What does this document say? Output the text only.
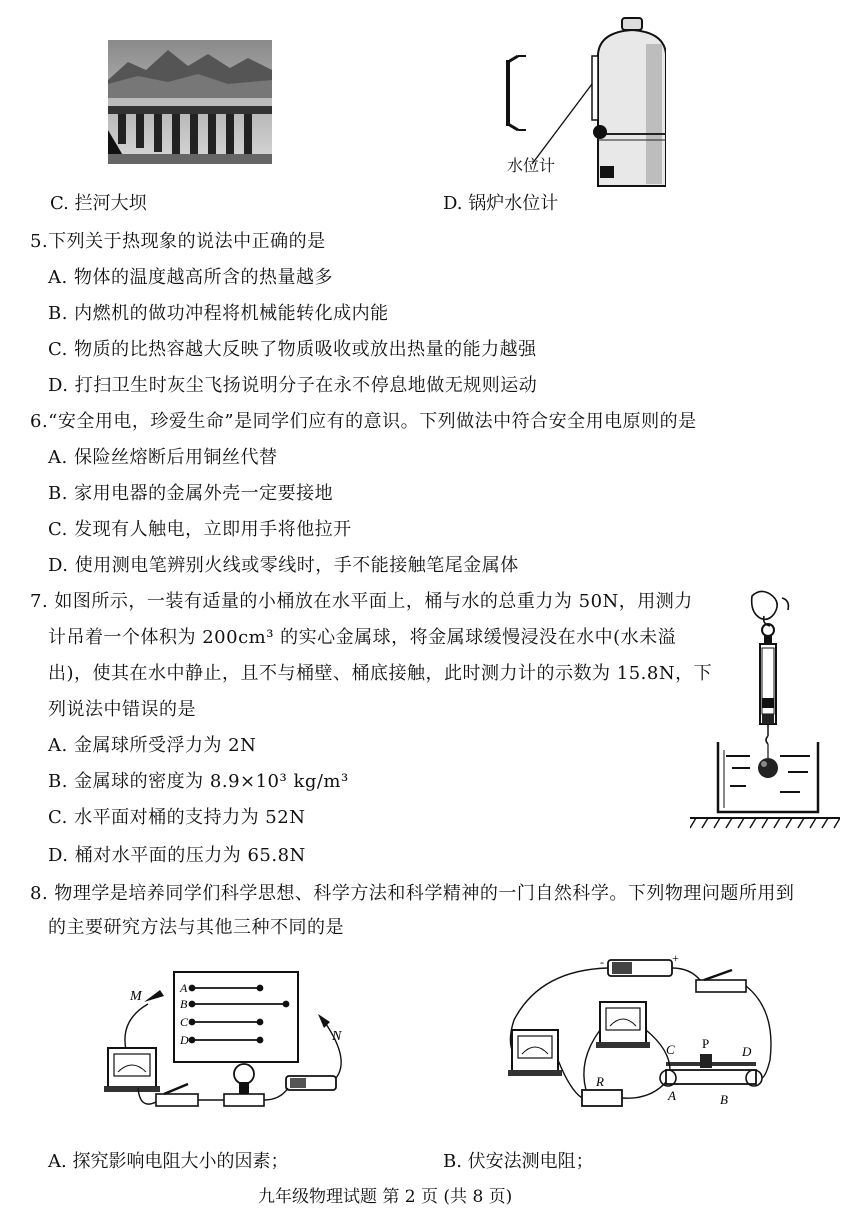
水位计
C. 拦河大坝	D. 锅炉水位计
5.下列关于热现象的说法中正确的是
A. 物体的温度越高所含的热量越多
B. 内燃机的做功冲程将机械能转化成内能
C. 物质的比热容越大反映了物质吸收或放出热量的能力越强
D. 打扫卫生时灰尘飞扬说明分子在永不停息地做无规则运动
6.“安全用电，珍爱生命”是同学们应有的意识。下列做法中符合安全用电原则的是
A. 保险丝熔断后用铜丝代替
B. 家用电器的金属外壳一定要接地
C. 发现有人触电，立即用手将他拉开
D. 使用测电笔辨别火线或零线时，手不能接触笔尾金属体
7. 如图所示，一装有适量的小桶放在水平面上，桶与水的总重力为 50N，用测力
计吊着一个体积为 200cm³ 的实心金属球，将金属球缓慢浸没在水中(水未溢
出)，使其在水中静止，且不与桶壁、桶底接触，此时测力计的示数为 15.8N，下
列说法中错误的是
A. 金属球所受浮力为 2N
B. 金属球的密度为 8.9×10³ kg/m³
C. 水平面对桶的支持力为 52N
D. 桶对水平面的压力为 65.8N
8. 物理学是培养同学们科学思想、科学方法和科学精神的一门自然科学。下列物理问题所用到
的主要研究方法与其他三种不同的是
A
B
C
D
M
N
-	+
R
C P
D
A	B
A. 探究影响电阻大小的因素；	B. 伏安法测电阻；
九年级物理试题 第 2 页 (共 8 页)
